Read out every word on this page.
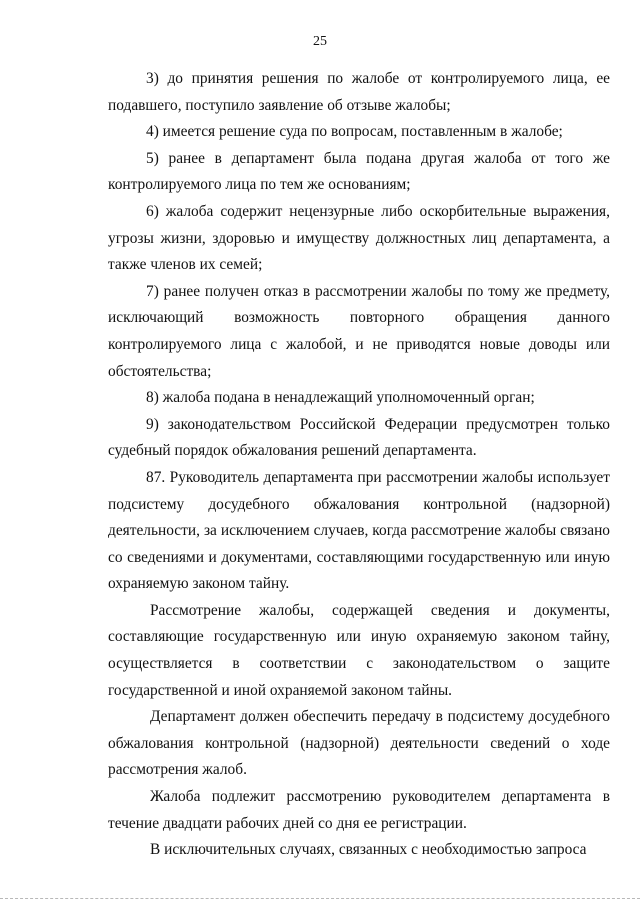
25

3) до принятия решения по жалобе от контролируемого лица, ее подавшего, поступило заявление об отзыве жалобы;

4) имеется решение суда по вопросам, поставленным в жалобе;

5) ранее в департамент была подана другая жалоба от того же контролируемого лица по тем же основаниям;

6) жалоба содержит нецензурные либо оскорбительные выражения, угрозы жизни, здоровью и имуществу должностных лиц департамента, а также членов их семей;

7) ранее получен отказ в рассмотрении жалобы по тому же предмету, исключающий возможность повторного обращения данного контролируемого лица с жалобой, и не приводятся новые доводы или обстоятельства;

8) жалоба подана в ненадлежащий уполномоченный орган;

9) законодательством Российской Федерации предусмотрен только судебный порядок обжалования решений департамента.

87. Руководитель департамента при рассмотрении жалобы использует подсистему досудебного обжалования контрольной (надзорной) деятельности, за исключением случаев, когда рассмотрение жалобы связано со сведениями и документами, составляющими государственную или иную охраняемую законом тайну.

Рассмотрение жалобы, содержащей сведения и документы, составляющие государственную или иную охраняемую законом тайну, осуществляется в соответствии с законодательством о защите государственной и иной охраняемой законом тайны.

Департамент должен обеспечить передачу в подсистему досудебного обжалования контрольной (надзорной) деятельности сведений о ходе рассмотрения жалоб.

Жалоба подлежит рассмотрению руководителем департамента в течение двадцати рабочих дней со дня ее регистрации.

В исключительных случаях, связанных с необходимостью запроса
